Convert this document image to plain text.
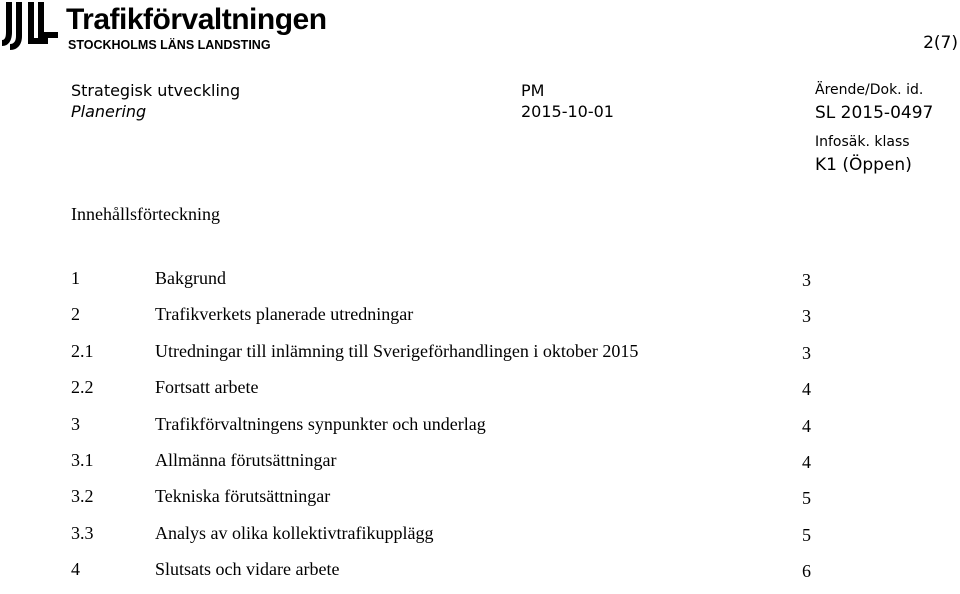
Trafikförvaltningen
STOCKHOLMS LÄNS LANDSTING	2(7)
Strategisk utveckling
Planering
PM
2015-10-01
Ärende/Dok. id.
SL 2015-0497
Infosäk. klass
K1 (Öppen)
Innehållsförteckning
1	Bakgrund	3
2	Trafikverkets planerade utredningar	3
2.1	Utredningar till inlämning till Sverigeförhandlingen i oktober 2015	3
2.2	Fortsatt arbete	4
3	Trafikförvaltningens synpunkter och underlag	4
3.1	Allmänna förutsättningar	4
3.2	Tekniska förutsättningar	5
3.3	Analys av olika kollektivtrafikupplägg	5
4	Slutsats och vidare arbete	6
